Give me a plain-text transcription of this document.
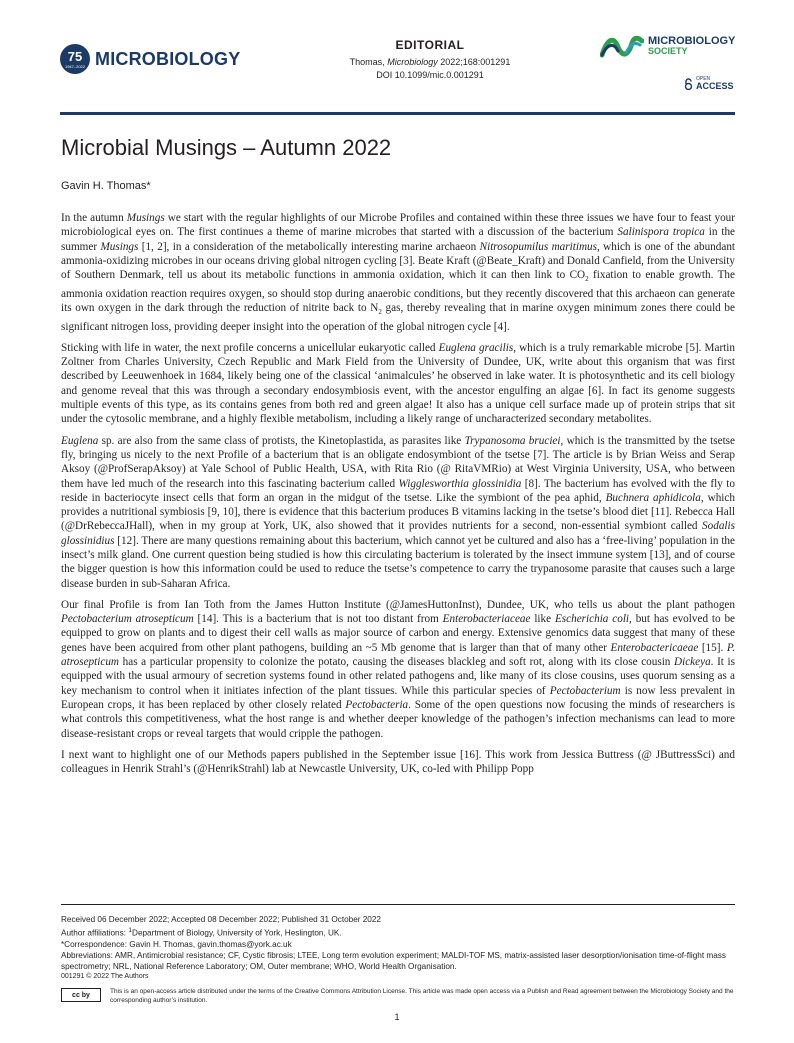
75
1947–2022 MICROBIOLOGY
EDITORIAL
Thomas, Microbiology 2022;168:001291
DOI 10.1099/mic.0.001291
MICROBIOLOGY
SOCIETY
OPEN
ACCESS
Microbial Musings – Autumn 2022
Gavin H. Thomas*

In the autumn Musings we start with the regular highlights of our Microbe Profiles and contained within these three issues we have four to feast your microbiological eyes on. The first continues a theme of marine microbes that started with a discussion of the bacterium Salinispora tropica in the summer Musings [1, 2], in a consideration of the metabolically interesting marine archaeon Nitrosopumilus maritimus, which is one of the abundant ammonia-oxidizing microbes in our oceans driving global nitrogen cycling [3]. Beate Kraft (@Beate_Kraft) and Donald Canfield, from the University of Southern Denmark, tell us about its metabolic functions in ammonia oxidation, which it can then link to $CO_2$ fixation to enable growth. The ammonia oxidation reaction requires oxygen, so should stop during anaerobic conditions, but they recently discovered that this archaeon can generate its own oxygen in the dark through the reduction of nitrite back to $N_2$ gas, thereby revealing that in marine oxygen minimum zones there could be significant nitrogen loss, providing deeper insight into the operation of the global nitrogen cycle [4].

Sticking with life in water, the next profile concerns a unicellular eukaryotic called Euglena gracilis, which is a truly remarkable microbe [5]. Martin Zoltner from Charles University, Czech Republic and Mark Field from the University of Dundee, UK, write about this organism that was first described by Leeuwenhoek in 1684, likely being one of the classical ‘animalcules’ he observed in lake water. It is photosynthetic and its cell biology and genome reveal that this was through a secondary endosymbiosis event, with the ancestor engulfing an algae [6]. In fact its genome suggests multiple events of this type, as its contains genes from both red and green algae! It also has a unique cell surface made up of protein strips that sit under the cytosolic membrane, and a highly flexible metabolism, including a likely range of uncharacterized secondary metabolites.

Euglena sp. are also from the same class of protists, the Kinetoplastida, as parasites like Trypanosoma bruciei, which is the transmitted by the tsetse fly, bringing us nicely to the next Profile of a bacterium that is an obligate endosymbiont of the tsetse [7]. The article is by Brian Weiss and Serap Aksoy (@ProfSerapAksoy) at Yale School of Public Health, USA, with Rita Rio (@ RitaVMRio) at West Virginia University, USA, who between them have led much of the research into this fascinating bacterium called Wigglesworthia glossinidia [8]. The bacterium has evolved with the fly to reside in bacteriocyte insect cells that form an organ in the midgut of the tsetse. Like the symbiont of the pea aphid, Buchnera aphidicola, which provides a nutritional symbiosis [9, 10], there is evidence that this bacterium produces B vitamins lacking in the tsetse’s blood diet [11]. Rebecca Hall (@DrRebeccaJHall), when in my group at York, UK, also showed that it provides nutrients for a second, non-essential symbiont called Sodalis glossinidius [12]. There are many questions remaining about this bacterium, which cannot yet be cultured and also has a ‘free-living’ population in the insect’s milk gland. One current question being studied is how this circulating bacterium is tolerated by the insect immune system [13], and of course the bigger question is how this information could be used to reduce the tsetse’s competence to carry the trypanosome parasite that causes such a large disease burden in sub-Saharan Africa.

Our final Profile is from Ian Toth from the James Hutton Institute (@JamesHuttonInst), Dundee, UK, who tells us about the plant pathogen Pectobacterium atrosepticum [14]. This is a bacterium that is not too distant from Enterobacteriaceae like Escherichia coli, but has evolved to be equipped to grow on plants and to digest their cell walls as major source of carbon and energy. Extensive genomics data suggest that many of these genes have been acquired from other plant pathogens, building an ~5 Mb genome that is larger than that of many other Enterobactericaeae [15]. P. atrosepticum has a particular propensity to colonize the potato, causing the diseases blackleg and soft rot, along with its close cousin Dickeya. It is equipped with the usual armoury of secretion systems found in other related pathogens and, like many of its close cousins, uses quorum sensing as a key mechanism to control when it initiates infection of the plant tissues. While this particular species of Pectobacterium is now less prevalent in European crops, it has been replaced by other closely related Pectobacteria. Some of the open questions now focusing the minds of researchers is what controls this competitiveness, what the host range is and whether deeper knowledge of the pathogen’s infection mechanisms can lead to more disease-resistant crops or reveal targets that would cripple the pathogen.

I next want to highlight one of our Methods papers published in the September issue [16]. This work from Jessica Buttress (@ JButtressSci) and colleagues in Henrik Strahl’s (@HenrikStrahl) lab at Newcastle University, UK, co-led with Philipp Popp

Received 06 December 2022; Accepted 08 December 2022; Published 31 October 2022
Author affiliations: $^1$Department of Biology, University of York, Heslington, UK.
*Correspondence: Gavin H. Thomas, gavin.thomas@york.ac.uk
Abbreviations: AMR, Antimicrobial resistance; CF, Cystic fibrosis; LTEE, Long term evolution experiment; MALDI-TOF MS, matrix-assisted laser desorption/ionisation time-of-flight mass spectrometry; NRL, National Reference Laboratory; OM, Outer membrane; WHO, World Health Organisation.
001291 © 2022 The Authors
cc by	This is an open-access article distributed under the terms of the Creative Commons Attribution License. This article was made open access via a Publish and Read agreement between the Microbiology Society and the corresponding author’s institution.
1
